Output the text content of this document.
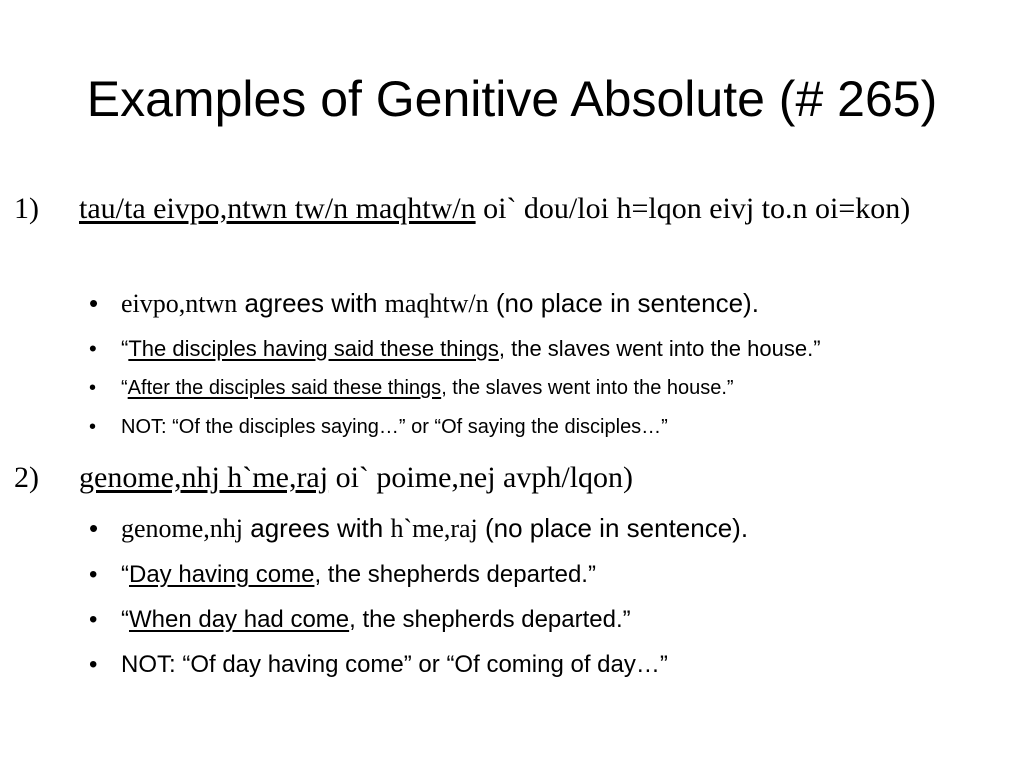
Examples of Genitive Absolute (# 265)
1) tau/ta eivpo,ntwn tw/n maqhtw/n oi` dou/loi h=lqon eivj to.n oi=kon)
• eivpo,ntwn agrees with maqhtw/n (no place in sentence).
• “The disciples having said these things, the slaves went into the house.”
• “After the disciples said these things, the slaves went into the house.”
• NOT: “Of the disciples saying…” or “Of saying the disciples…”
2) genome,nhj h`me,raj oi` poime,nej avph/lqon)
• genome,nhj agrees with h`me,raj (no place in sentence).
• “Day having come, the shepherds departed.”
• “When day had come, the shepherds departed.”
• NOT: “Of day having come” or “Of coming of day…”
